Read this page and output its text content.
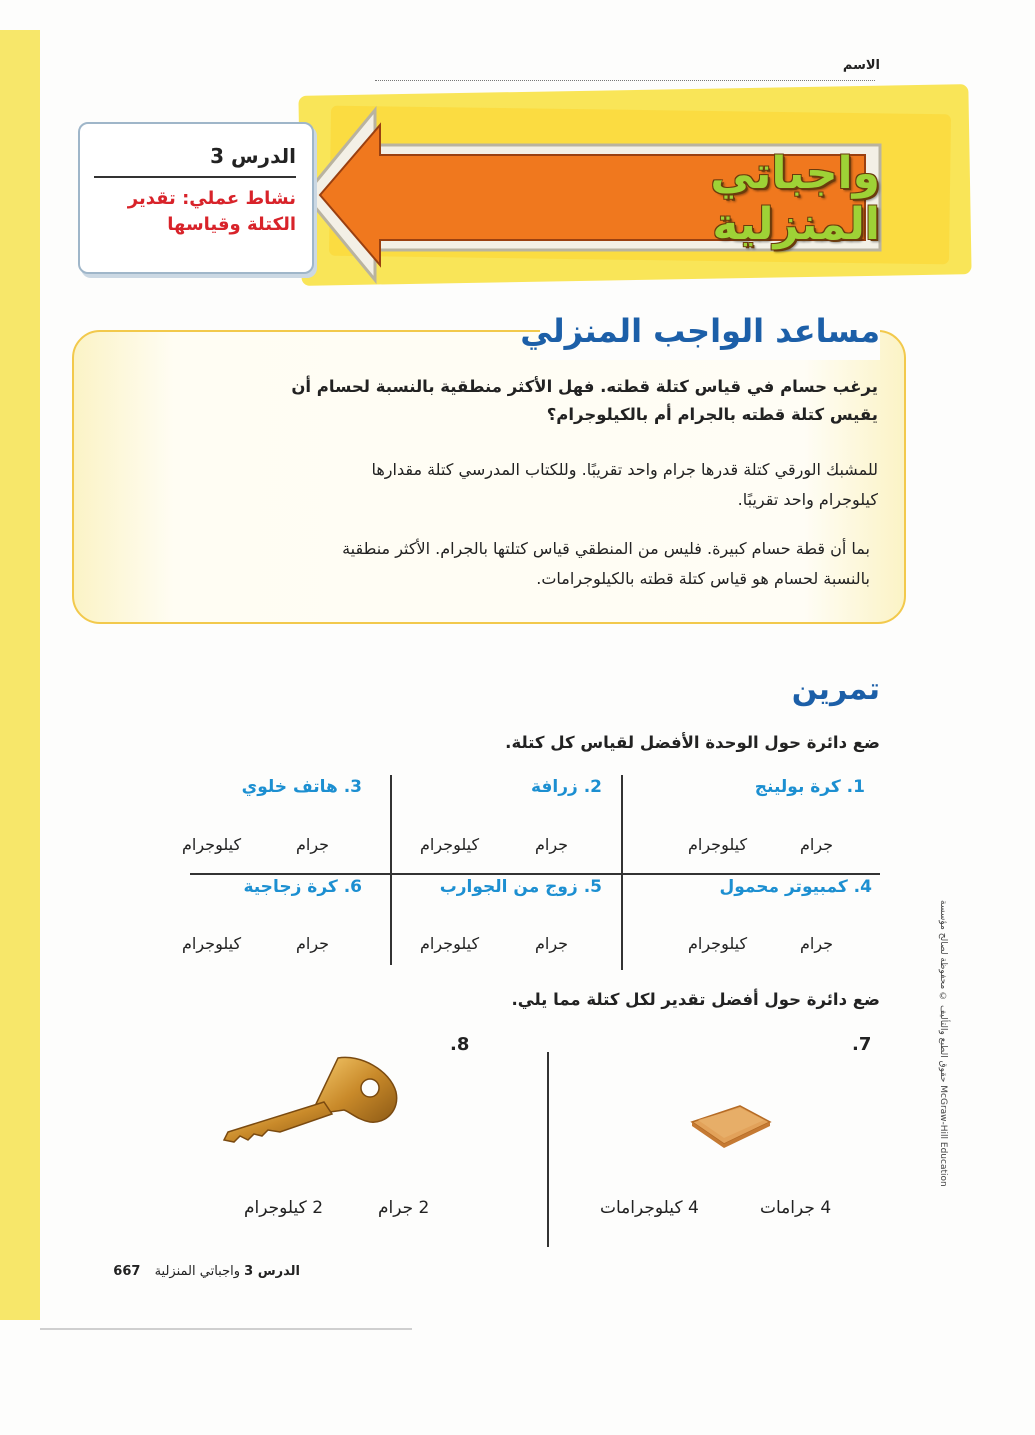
الاسم
واجباتي المنزلية
الدرس 3
نشاط عملي: تقدير الكتلة وقياسها
مساعد الواجب المنزلي
يرغب حسام في قياس كتلة قطته. فهل الأكثر منطقية بالنسبة لحسام أن يقيس كتلة قطته بالجرام أم بالكيلوجرام؟
للمشبك الورقي كتلة قدرها جرام واحد تقريبًا. وللكتاب المدرسي كتلة مقدارها كيلوجرام واحد تقريبًا.
بما أن قطة حسام كبيرة. فليس من المنطقي قياس كتلتها بالجرام. الأكثر منطقية بالنسبة لحسام هو قياس كتلة قطته بالكيلوجرامات.
تمرين
ضع دائرة حول الوحدة الأفضل لقياس كل كتلة.
1. كرة بولينج
2. زرافة
3. هاتف خلوي
جرام
كيلوجرام
جرام
كيلوجرام
جرام
كيلوجرام
4. كمبيوتر محمول
5. زوج من الجوارب
6. كرة زجاجية
جرام
كيلوجرام
جرام
كيلوجرام
جرام
كيلوجرام
ضع دائرة حول أفضل تقدير لكل كتلة مما يلي.
.7
.8
4 جرامات
4 كيلوجرامات
2 جرام
2 كيلوجرام
حقوق الطبع والتأليف © محفوظة لصالح مؤسسة McGraw-Hill Education
الدرس 3 واجباتي المنزلية 667
